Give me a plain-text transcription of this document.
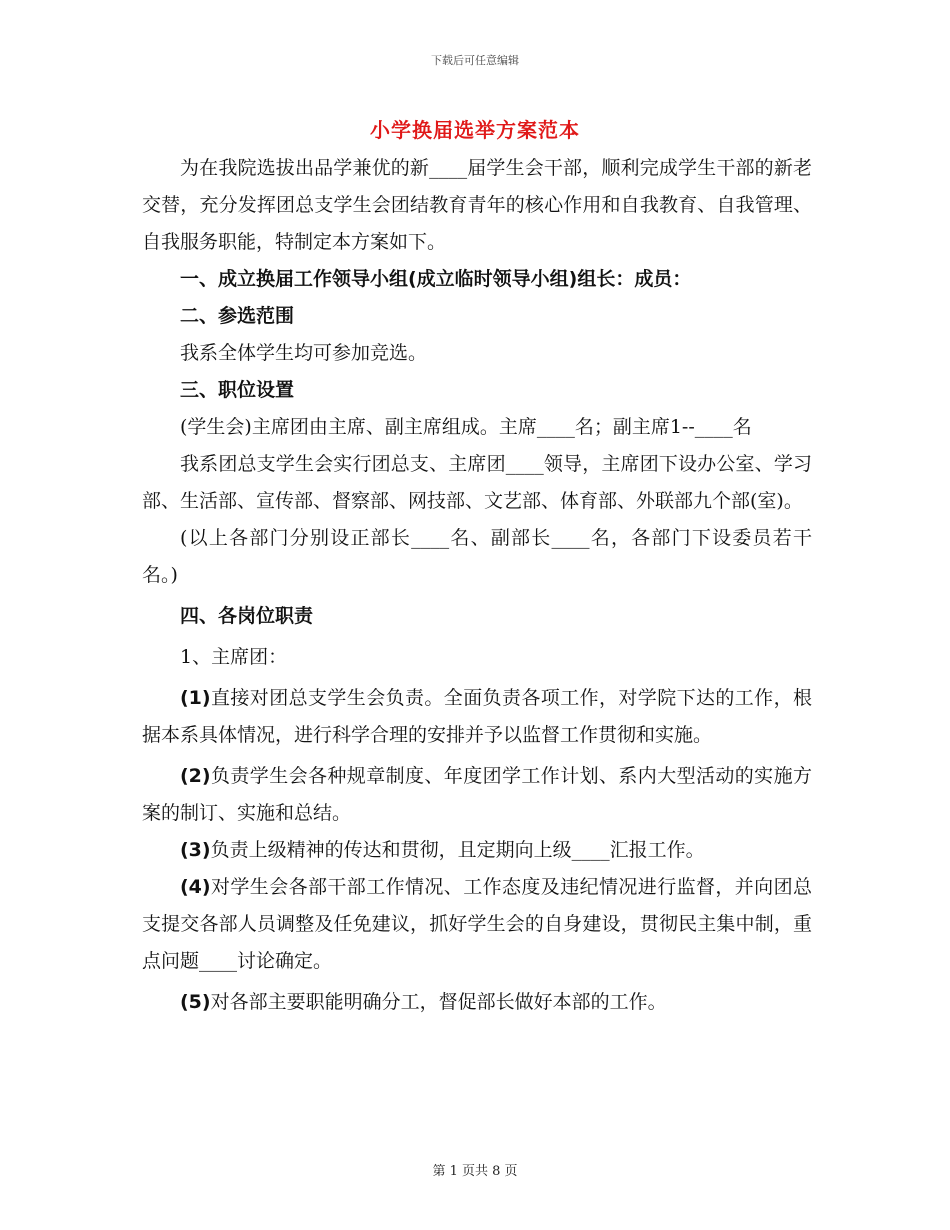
下载后可任意编辑
小学换届选举方案范本

为在我院选拔出品学兼优的新____届学生会干部，顺利完成学生干部的新老交替，充分发挥团总支学生会团结教育青年的核心作用和自我教育、自我管理、自我服务职能，特制定本方案如下。

一、成立换届工作领导小组(成立临时领导小组)组长：成员：

二、参选范围

我系全体学生均可参加竞选。

三、职位设置

(学生会)主席团由主席、副主席组成。主席____名；副主席1--____名

我系团总支学生会实行团总支、主席团____领导，主席团下设办公室、学习部、生活部、宣传部、督察部、网技部、文艺部、体育部、外联部九个部(室)。

(以上各部门分别设正部长____名、副部长____名，各部门下设委员若干名。)

四、各岗位职责

1、主席团：

(1)直接对团总支学生会负责。全面负责各项工作，对学院下达的工作，根据本系具体情况，进行科学合理的安排并予以监督工作贯彻和实施。

(2)负责学生会各种规章制度、年度团学工作计划、系内大型活动的实施方案的制订、实施和总结。

(3)负责上级精神的传达和贯彻，且定期向上级____汇报工作。

(4)对学生会各部干部工作情况、工作态度及违纪情况进行监督，并向团总支提交各部人员调整及任免建议，抓好学生会的自身建设，贯彻民主集中制，重点问题____讨论确定。

(5)对各部主要职能明确分工，督促部长做好本部的工作。

第 1 页共 8 页
